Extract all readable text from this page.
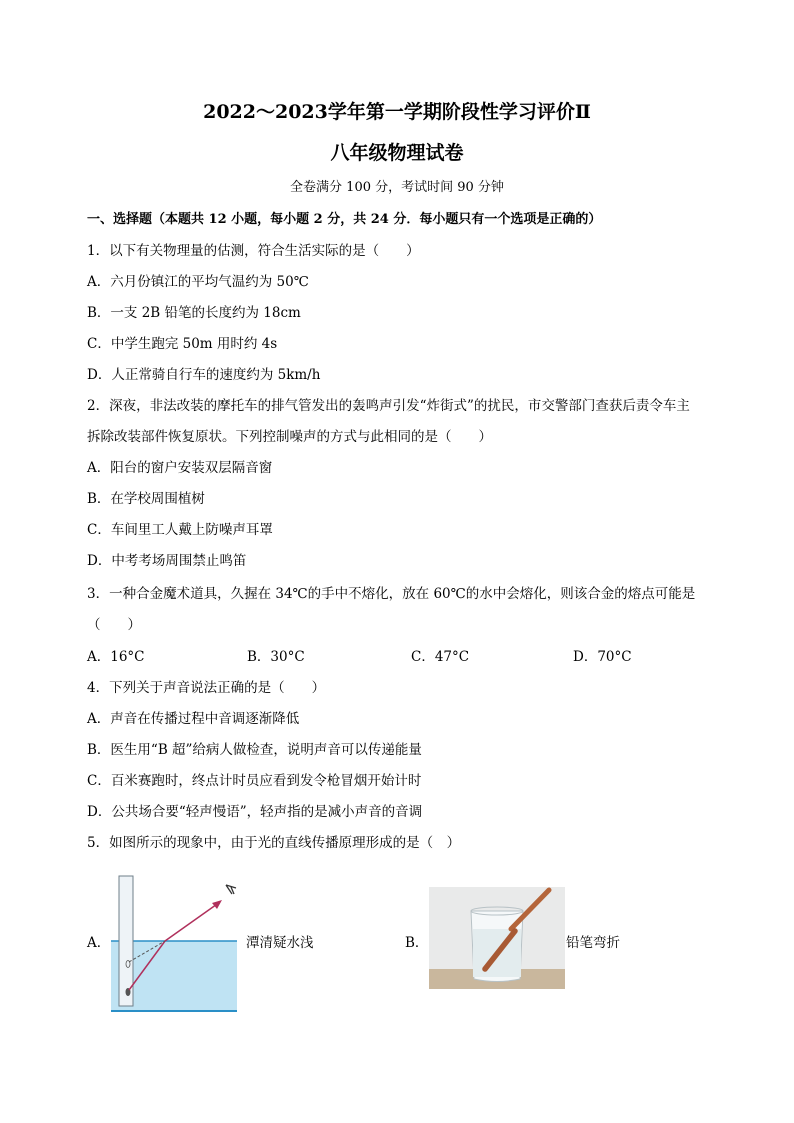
2022～2023学年第一学期阶段性学习评价Ⅱ
八年级物理试卷
全卷满分 100 分，考试时间 90 分钟
一、选择题（本题共 12 小题，每小题 2 分，共 24 分．每小题只有一个选项是正确的）
1．以下有关物理量的估测，符合生活实际的是（　　）
A．六月份镇江的平均气温约为 50℃
B．一支 2B 铅笔的长度约为 18cm
C．中学生跑完 50m 用时约 4s
D．人正常骑自行车的速度约为 5km/h
2．深夜，非法改装的摩托车的排气管发出的轰鸣声引发“炸街式”的扰民，市交警部门查获后责令车主
拆除改装部件恢复原状。下列控制噪声的方式与此相同的是（　　）
A．阳台的窗户安装双层隔音窗
B．在学校周围植树
C．车间里工人戴上防噪声耳罩
D．中考考场周围禁止鸣笛
3．一种合金魔术道具，久握在 34℃的手中不熔化，放在 60℃的水中会熔化，则该合金的熔点可能是
（　　）
A．16°C	B．30°C	C．47°C	D．70°C
4．下列关于声音说法正确的是（　　）
A．声音在传播过程中音调逐渐降低
B．医生用“B 超”给病人做检查，说明声音可以传递能量
C．百米赛跑时，终点计时员应看到发令枪冒烟开始计时
D．公共场合要“轻声慢语”，轻声指的是减小声音的音调
5．如图所示的现象中，由于光的直线传播原理形成的是（　）
A．	潭清疑水浅	B．	铅笔弯折
